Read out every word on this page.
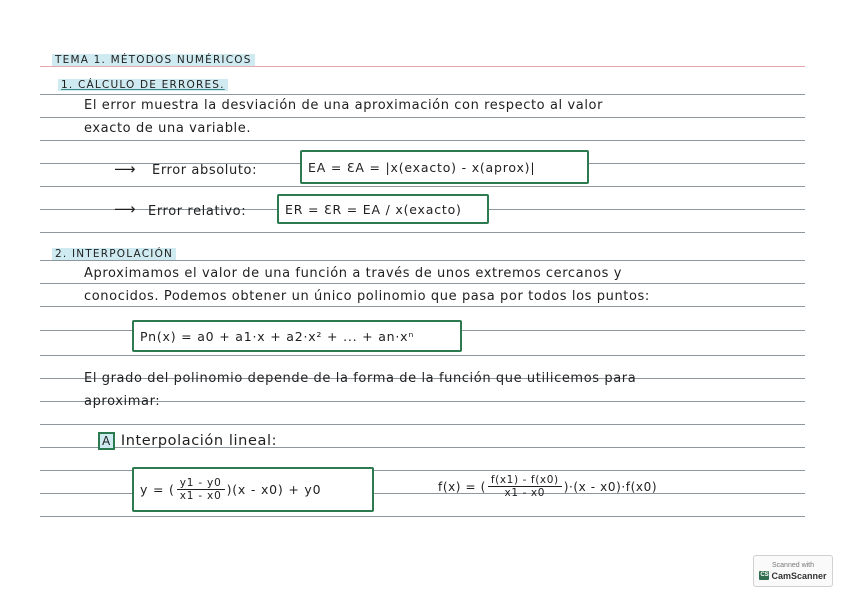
TEMA 1. MÉTODOS NUMÉRICOS
1. CÁLCULO DE ERRORES.
El error muestra la desviación de una aproximación con respecto al valor
exacto de una variable.
⟶ Error absoluto:	EA = ƐA = |x(exacto) - x(aprox)|
⟶ Error relativo:	ER = ƐR = EA / x(exacto)
2. INTERPOLACIÓN
Aproximamos el valor de una función a través de unos extremos cercanos y
conocidos. Podemos obtener un único polinomio que pasa por todos los puntos:
Pn(x) = a0 + a1·x + a2·x² + ... + an·xⁿ
El grado del polinomio depende de la forma de la función que utilicemos para
aproximar:
A Interpolación lineal:
y = ( $\frac{y1 - y0}{x1 - x0} )(x - x0) + y0$	f(x) = ( $\frac{f(x1) - f(x0)}{x1 - x0} )\cdot(x - x0)\cdot f(x0)$
Scanned with
CS CamScanner
